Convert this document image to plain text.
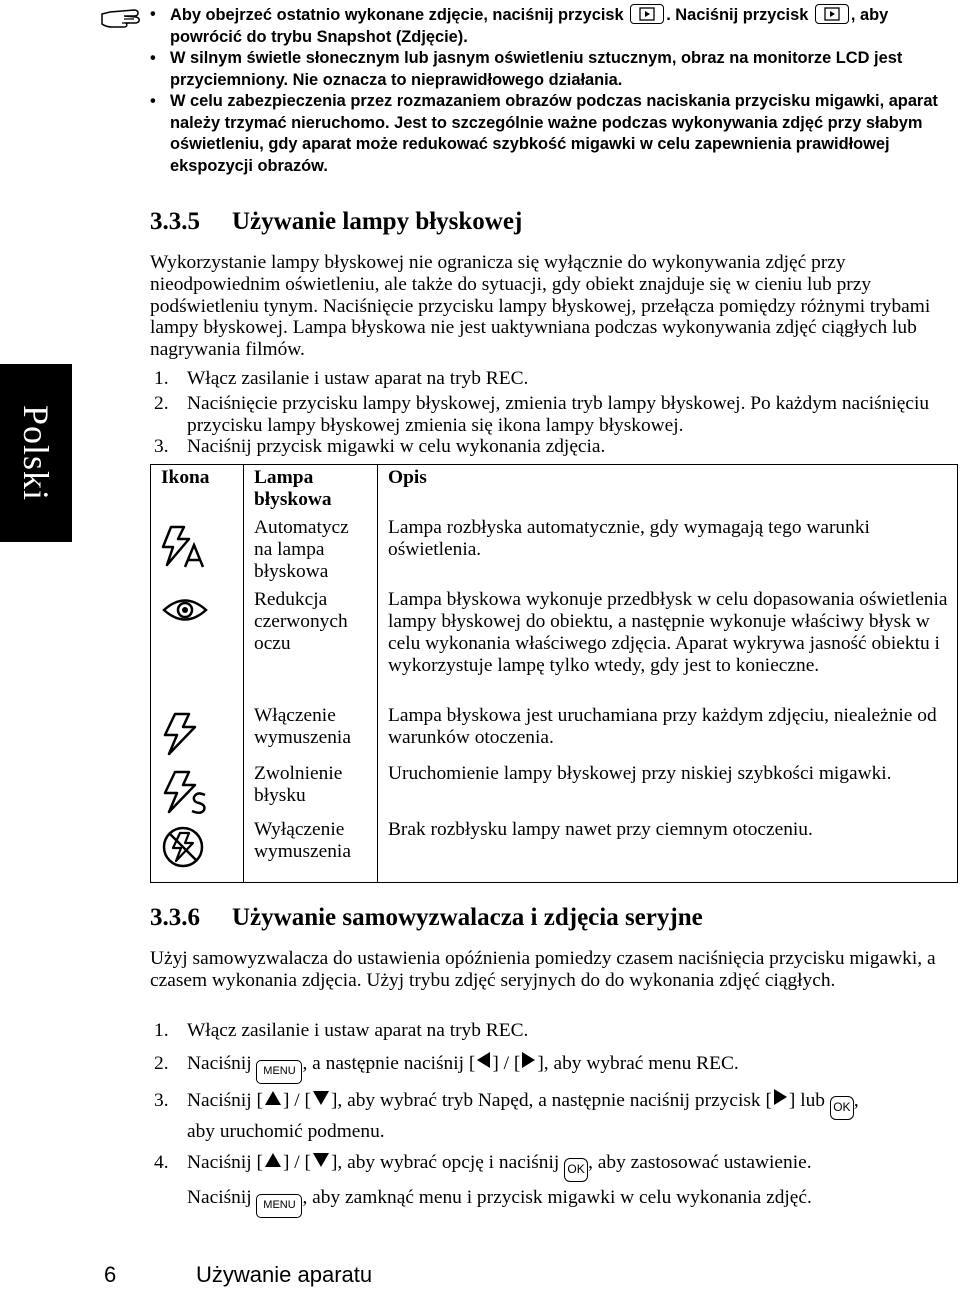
Polski
• Aby obejrzeć ostatnio wykonane zdjęcie, naciśnij przycisk	. Naciśnij przycisk	, aby powrócić do trybu Snapshot (Zdjęcie).
• W silnym świetle słonecznym lub jasnym oświetleniu sztucznym, obraz na monitorze LCD jest przyciemniony. Nie oznacza to nieprawidłowego działania.
• W celu zabezpieczenia przez rozmazaniem obrazów podczas naciskania przycisku migawki, aparat należy trzymać nieruchomo. Jest to szczególnie ważne podczas wykonywania zdjęć przy słabym oświetleniu, gdy aparat może redukować szybkość migawki w celu zapewnienia prawidłowej ekspozycji obrazów.
3.3.5 Używanie lampy błyskowej
Wykorzystanie lampy błyskowej nie ogranicza się wyłącznie do wykonywania zdjęć przy nieodpowiednim oświetleniu, ale także do sytuacji, gdy obiekt znajduje się w cieniu lub przy podświetleniu tynym. Naciśnięcie przycisku lampy błyskowej, przełącza pomiędzy różnymi trybami lampy błyskowej. Lampa błyskowa nie jest uaktywniana podczas wykonywania zdjęć ciągłych lub nagrywania filmów.
1. Włącz zasilanie i ustaw aparat na tryb REC.
2. Naciśnięcie przycisku lampy błyskowej, zmienia tryb lampy błyskowej. Po każdym naciśnięciu przycisku lampy błyskowej zmienia się ikona lampy błyskowej.
3. Naciśnij przycisk migawki w celu wykonania zdjęcia.
Ikona	Lampa błyskowa	Opis

	Automatycz na lampa błyskowa	Lampa rozbłyska automatycznie, gdy wymagają tego warunki oświetlenia.

	Redukcja czerwonych oczu	Lampa błyskowa wykonuje przedbłysk w celu dopasowania oświetlenia lampy błyskowej do obiektu, a następnie wykonuje właściwy błysk w celu wykonania właściwego zdjęcia. Aparat wykrywa jasność obiektu i wykorzystuje lampę tylko wtedy, gdy jest to konieczne.

	Włączenie wymuszenia	Lampa błyskowa jest uruchamiana przy każdym zdjęciu, nieależnie od warunków otoczenia.

	Zwolnienie błysku	Uruchomienie lampy błyskowej przy niskiej szybkości migawki.

	Wyłączenie wymuszenia	Brak rozbłysku lampy nawet przy ciemnym otoczeniu.
3.3.6 Używanie samowyzwalacza i zdjęcia seryjne
Użyj samowyzwalacza do ustawienia opóźnienia pomiedzy czasem naciśnięcia przycisku migawki, a czasem wykonania zdjęcia. Użyj trybu zdjęć seryjnych do do wykonania zdjęć ciągłych.
1. Włącz zasilanie i ustaw aparat na tryb REC.
2. Naciśnij MENU , a następnie naciśnij [ ] / [ ], aby wybrać menu REC.
3. Naciśnij [ ] / [ ], aby wybrać tryb Napęd, a następnie naciśnij przycisk [ ] lub OK ,
aby uruchomić podmenu.
4. Naciśnij [ ] / [ ], aby wybrać opcję i naciśnij OK , aby zastosować ustawienie.
Naciśnij MENU , aby zamknąć menu i przycisk migawki w celu wykonania zdjęć.
6	Używanie aparatu
